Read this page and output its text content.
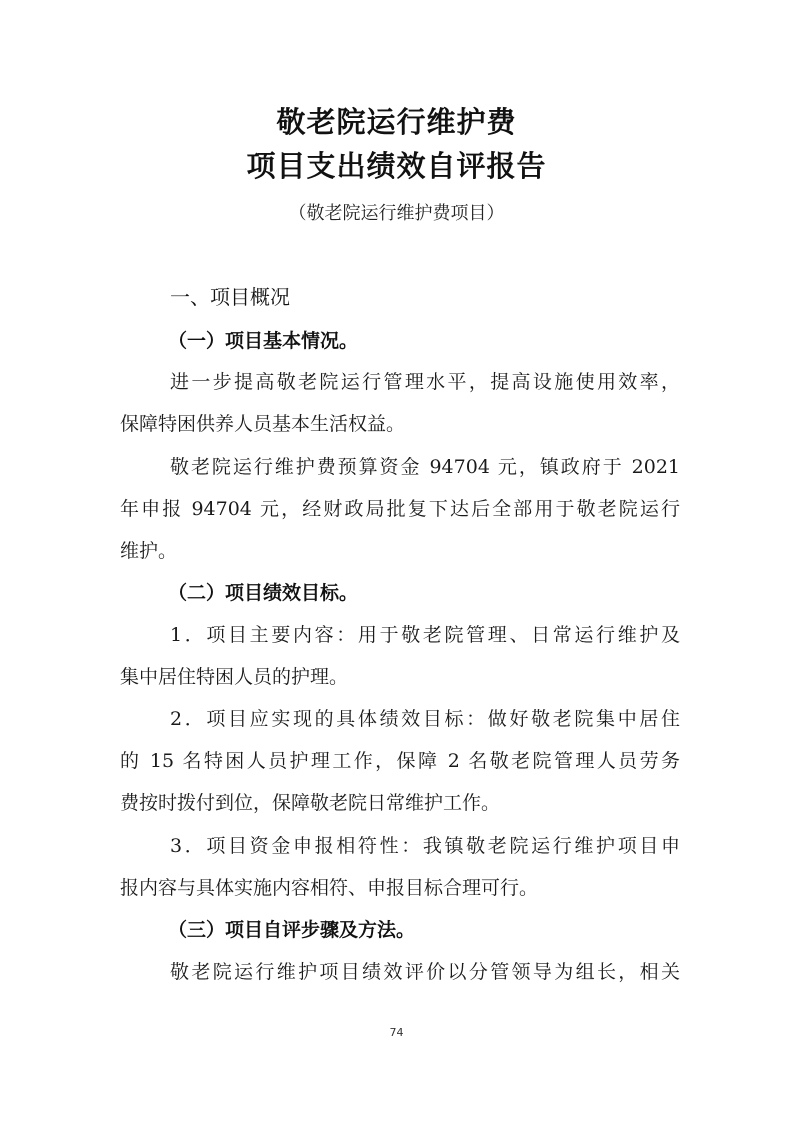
敬老院运行维护费
项目支出绩效自评报告
（敬老院运行维护费项目）
一、项目概况
（一）项目基本情况。
进一步提高敬老院运行管理水平，提高设施使用效率，
保障特困供养人员基本生活权益。
敬老院运行维护费预算资金 94704 元，镇政府于 2021
年申报 94704 元，经财政局批复下达后全部用于敬老院运行
维护。
（二）项目绩效目标。
1．项目主要内容：用于敬老院管理、日常运行维护及
集中居住特困人员的护理。
2．项目应实现的具体绩效目标：做好敬老院集中居住
的 15 名特困人员护理工作，保障 2 名敬老院管理人员劳务
费按时拨付到位，保障敬老院日常维护工作。
3．项目资金申报相符性：我镇敬老院运行维护项目申
报内容与具体实施内容相符、申报目标合理可行。
（三）项目自评步骤及方法。
敬老院运行维护项目绩效评价以分管领导为组长，相关
74
